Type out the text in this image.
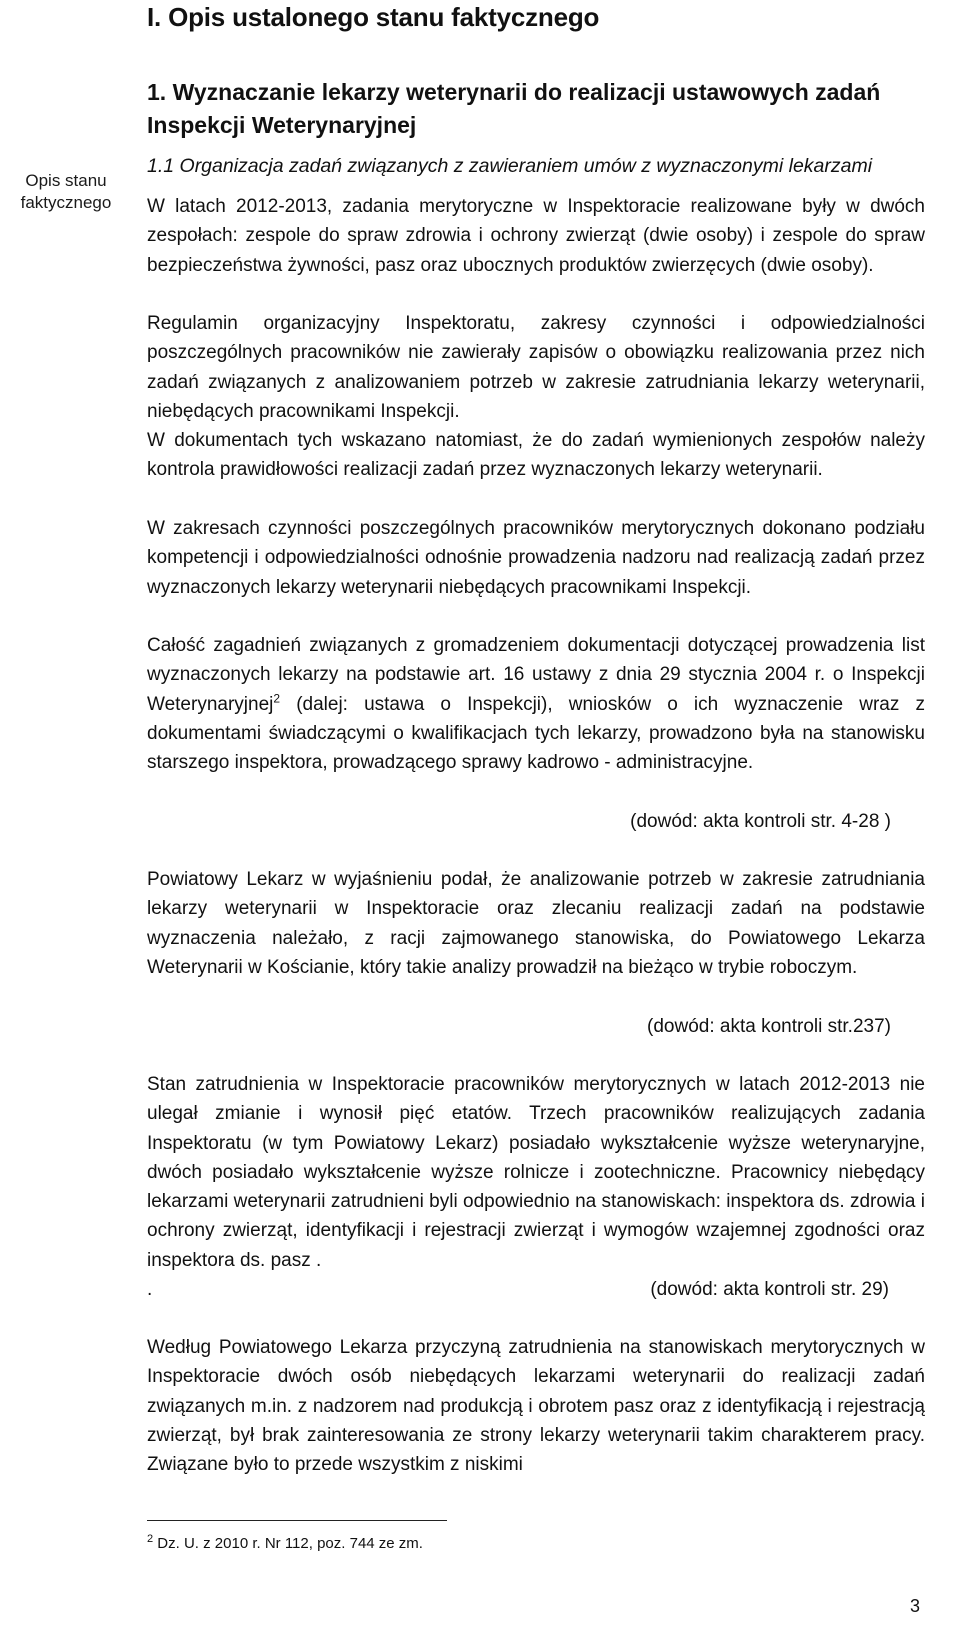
Opis stanu faktycznego
I. Opis ustalonego stanu faktycznego
1. Wyznaczanie lekarzy weterynarii do realizacji ustawowych zadań Inspekcji Weterynaryjnej
1.1 Organizacja zadań związanych z zawieraniem umów z wyznaczonymi lekarzami

W latach 2012-2013, zadania merytoryczne w Inspektoracie realizowane były w dwóch zespołach: zespole do spraw zdrowia i ochrony zwierząt (dwie osoby) i zespole do spraw bezpieczeństwa żywności, pasz oraz ubocznych produktów zwierzęcych (dwie osoby).

Regulamin organizacyjny Inspektoratu, zakresy czynności i odpowiedzialności poszczególnych pracowników nie zawierały zapisów o obowiązku realizowania przez nich zadań związanych z analizowaniem potrzeb w zakresie zatrudniania lekarzy weterynarii, niebędących pracownikami Inspekcji.

W dokumentach tych wskazano natomiast, że do zadań wymienionych zespołów należy kontrola prawidłowości realizacji zadań przez wyznaczonych lekarzy weterynarii.

W zakresach czynności poszczególnych pracowników merytorycznych dokonano podziału kompetencji i odpowiedzialności odnośnie prowadzenia nadzoru nad realizacją zadań przez wyznaczonych lekarzy weterynarii niebędących pracownikami Inspekcji.

Całość zagadnień związanych z gromadzeniem dokumentacji dotyczącej prowadzenia list wyznaczonych lekarzy na podstawie art. 16 ustawy z dnia 29 stycznia 2004 r. o Inspekcji Weterynaryjnej$^2$ (dalej: ustawa o Inspekcji), wniosków o ich wyznaczenie wraz z dokumentami świadczącymi o kwalifikacjach tych lekarzy, prowadzono była na stanowisku starszego inspektora, prowadzącego sprawy kadrowo - administracyjne.

(dowód: akta kontroli str. 4-28 )

Powiatowy Lekarz w wyjaśnieniu podał, że analizowanie potrzeb w zakresie zatrudniania lekarzy weterynarii w Inspektoracie oraz zlecaniu realizacji zadań na podstawie wyznaczenia należało, z racji zajmowanego stanowiska, do Powiatowego Lekarza Weterynarii w Kościanie, który takie analizy prowadził na bieżąco w trybie roboczym.

(dowód: akta kontroli str.237)

Stan zatrudnienia w Inspektoracie pracowników merytorycznych w latach 2012-2013 nie ulegał zmianie i wynosił pięć etatów. Trzech pracowników realizujących zadania Inspektoratu (w tym Powiatowy Lekarz) posiadało wykształcenie wyższe weterynaryjne, dwóch posiadało wykształcenie wyższe rolnicze i zootechniczne. Pracownicy niebędący lekarzami weterynarii zatrudnieni byli odpowiednio na stanowiskach: inspektora ds. zdrowia i ochrony zwierząt, identyfikacji i rejestracji zwierząt i wymogów wzajemnej zgodności oraz inspektora ds. pasz .

.	(dowód: akta kontroli str. 29)

Według Powiatowego Lekarza przyczyną zatrudnienia na stanowiskach merytorycznych w Inspektoracie dwóch osób niebędących lekarzami weterynarii do realizacji zadań związanych m.in. z nadzorem nad produkcją i obrotem pasz oraz z identyfikacją i rejestracją zwierząt, był brak zainteresowania ze strony lekarzy weterynarii takim charakterem pracy. Związane było to przede wszystkim z niskimi

$^2$ Dz. U. z 2010 r. Nr 112, poz. 744 ze zm.
3
